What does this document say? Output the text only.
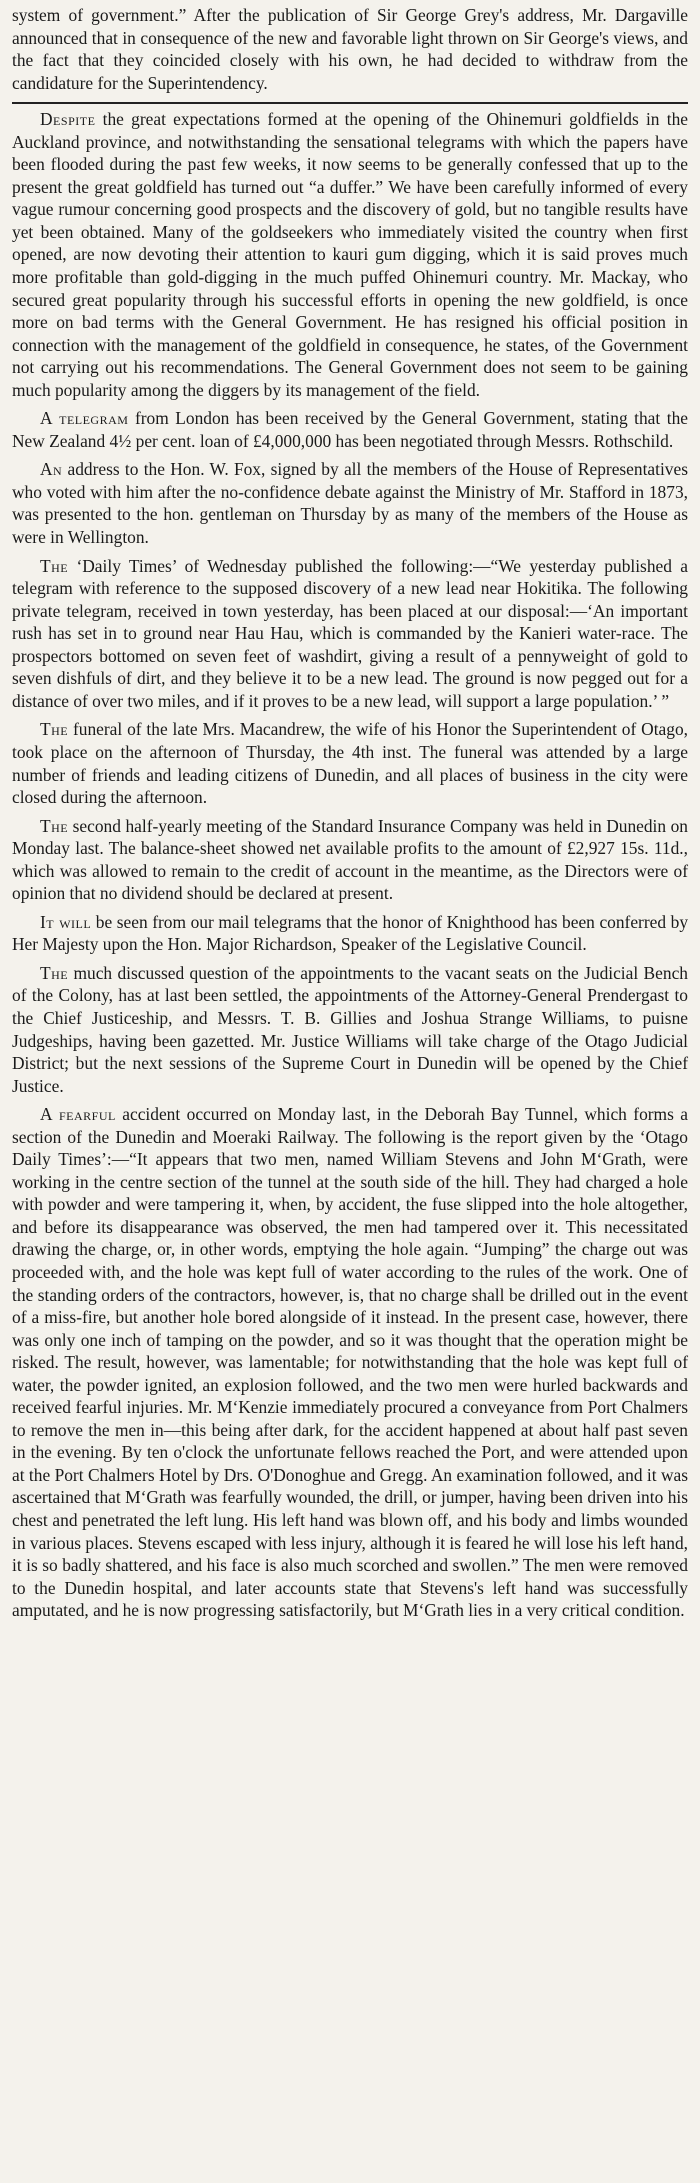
system of government.” After the publication of Sir George Grey's address, Mr. Dargaville announced that in consequence of the new and favorable light thrown on Sir George's views, and the fact that they coincided closely with his own, he had decided to withdraw from the candidature for the Superintendency.

Despite the great expectations formed at the opening of the Ohinemuri goldfields in the Auckland province, and notwithstanding the sensational telegrams with which the papers have been flooded during the past few weeks, it now seems to be generally confessed that up to the present the great goldfield has turned out “a duffer.” We have been carefully informed of every vague rumour concerning good prospects and the discovery of gold, but no tangible results have yet been obtained. Many of the goldseekers who immediately visited the country when first opened, are now devoting their attention to kauri gum digging, which it is said proves much more profitable than gold-digging in the much puffed Ohinemuri country. Mr. Mackay, who secured great popularity through his successful efforts in opening the new goldfield, is once more on bad terms with the General Government. He has resigned his official position in connection with the management of the goldfield in consequence, he states, of the Government not carrying out his recommendations. The General Government does not seem to be gaining much popularity among the diggers by its management of the field.

A telegram from London has been received by the General Government, stating that the New Zealand 4½ per cent. loan of £4,000,000 has been negotiated through Messrs. Rothschild.

An address to the Hon. W. Fox, signed by all the members of the House of Representatives who voted with him after the no-confidence debate against the Ministry of Mr. Stafford in 1873, was presented to the hon. gentleman on Thursday by as many of the members of the House as were in Wellington.

The ‘Daily Times’ of Wednesday published the following:—“We yesterday published a telegram with reference to the supposed discovery of a new lead near Hokitika. The following private telegram, received in town yesterday, has been placed at our disposal:—‘An important rush has set in to ground near Hau Hau, which is commanded by the Kanieri water-race. The prospectors bottomed on seven feet of washdirt, giving a result of a pennyweight of gold to seven dishfuls of dirt, and they believe it to be a new lead. The ground is now pegged out for a distance of over two miles, and if it proves to be a new lead, will support a large population.’ ”

The funeral of the late Mrs. Macandrew, the wife of his Honor the Superintendent of Otago, took place on the afternoon of Thursday, the 4th inst. The funeral was attended by a large number of friends and leading citizens of Dunedin, and all places of business in the city were closed during the afternoon.

The second half-yearly meeting of the Standard Insurance Company was held in Dunedin on Monday last. The balance-sheet showed net available profits to the amount of £2,927 15s. 11d., which was allowed to remain to the credit of account in the meantime, as the Directors were of opinion that no dividend should be declared at present.

It will be seen from our mail telegrams that the honor of Knighthood has been conferred by Her Majesty upon the Hon. Major Richardson, Speaker of the Legislative Council.

The much discussed question of the appointments to the vacant seats on the Judicial Bench of the Colony, has at last been settled, the appointments of the Attorney-General Prendergast to the Chief Justiceship, and Messrs. T. B. Gillies and Joshua Strange Williams, to puisne Judgeships, having been gazetted. Mr. Justice Williams will take charge of the Otago Judicial District; but the next sessions of the Supreme Court in Dunedin will be opened by the Chief Justice.

A fearful accident occurred on Monday last, in the Deborah Bay Tunnel, which forms a section of the Dunedin and Moeraki Railway. The following is the report given by the ‘Otago Daily Times’:—“It appears that two men, named William Stevens and John M‘Grath, were working in the centre section of the tunnel at the south side of the hill. They had charged a hole with powder and were tampering it, when, by accident, the fuse slipped into the hole altogether, and before its disappearance was observed, the men had tampered over it. This necessitated drawing the charge, or, in other words, emptying the hole again. “Jumping” the charge out was proceeded with, and the hole was kept full of water according to the rules of the work. One of the standing orders of the contractors, however, is, that no charge shall be drilled out in the event of a miss-fire, but another hole bored alongside of it instead. In the present case, however, there was only one inch of tamping on the powder, and so it was thought that the operation might be risked. The result, however, was lamentable; for notwithstanding that the hole was kept full of water, the powder ignited, an explosion followed, and the two men were hurled backwards and received fearful injuries. Mr. M‘Kenzie immediately procured a conveyance from Port Chalmers to remove the men in—this being after dark, for the accident happened at about half past seven in the evening. By ten o'clock the unfortunate fellows reached the Port, and were attended upon at the Port Chalmers Hotel by Drs. O'Donoghue and Gregg. An examination followed, and it was ascertained that M‘Grath was fearfully wounded, the drill, or jumper, having been driven into his chest and penetrated the left lung. His left hand was blown off, and his body and limbs wounded in various places. Stevens escaped with less injury, although it is feared he will lose his left hand, it is so badly shattered, and his face is also much scorched and swollen.” The men were removed to the Dunedin hospital, and later accounts state that Stevens's left hand was successfully amputated, and he is now progressing satisfactorily, but M‘Grath lies in a very critical condition.
